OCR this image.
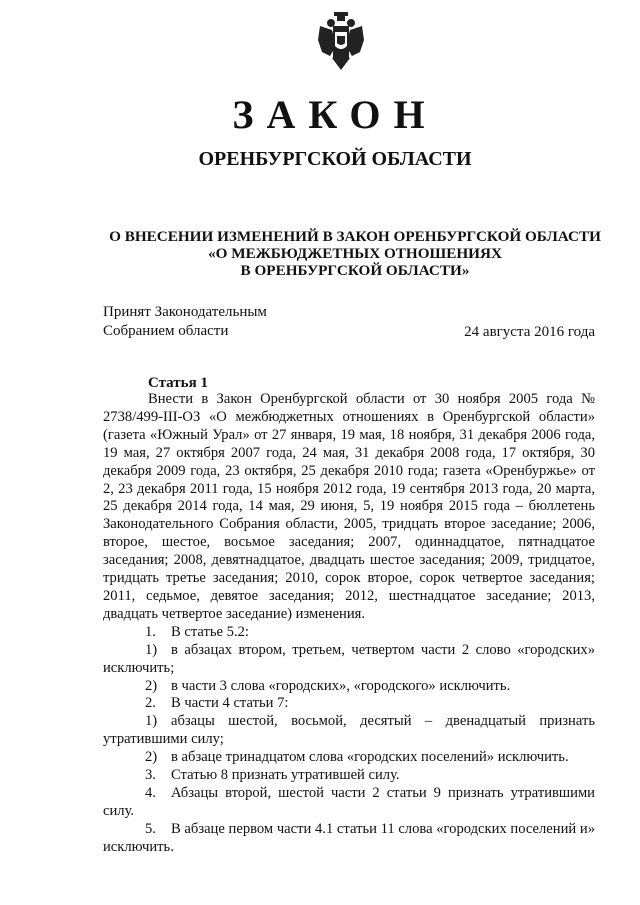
ЗАКОН
ОРЕНБУРГСКОЙ ОБЛАСТИ
О ВНЕСЕНИИ ИЗМЕНЕНИЙ В ЗАКОН ОРЕНБУРГСКОЙ ОБЛАСТИ
«О МЕЖБЮДЖЕТНЫХ ОТНОШЕНИЯХ
В ОРЕНБУРГСКОЙ ОБЛАСТИ»
Принят Законодательным
Собранием области	24 августа 2016 года
Статья 1

Внести в Закон Оренбургской области от 30 ноября 2005 года № 2738/499-III-ОЗ «О межбюджетных отношениях в Оренбургской области» (газета «Южный Урал» от 27 января, 19 мая, 18 ноября, 31 декабря 2006 года, 19 мая, 27 октября 2007 года, 24 мая, 31 декабря 2008 года, 17 октября, 30 декабря 2009 года, 23 октября, 25 декабря 2010 года; газета «Оренбуржье» от 2, 23 декабря 2011 года, 15 ноября 2012 года, 19 сентября 2013 года, 20 марта, 25 декабря 2014 года, 14 мая, 29 июня, 5, 19 ноября 2015 года – бюллетень Законодательного Собрания области, 2005, тридцать второе заседание; 2006, второе, шестое, восьмое заседания; 2007, одиннадцатое, пятнадцатое заседания; 2008, девятнадцатое, двадцать шестое заседания; 2009, тридцатое, тридцать третье заседания; 2010, сорок второе, сорок четвертое заседания; 2011, седьмое, девятое заседания; 2012, шестнадцатое заседание; 2013, двадцать четвертое заседание) изменения.

1.	В статье 5.2:

1) в абзацах втором, третьем, четвертом части 2 слово «городских» исключить;

2) в части 3 слова «городских», «городского» исключить.

2.	В части 4 статьи 7:

1) абзацы шестой, восьмой, десятый – двенадцатый признать утратившими силу;

2) в абзаце тринадцатом слова «городских поселений» исключить.

3.	Статью 8 признать утратившей силу.

4.	Абзацы второй, шестой части 2 статьи 9 признать утратившими силу.

5.	В абзаце первом части 4.1 статьи 11 слова «городских поселений и» исключить.
